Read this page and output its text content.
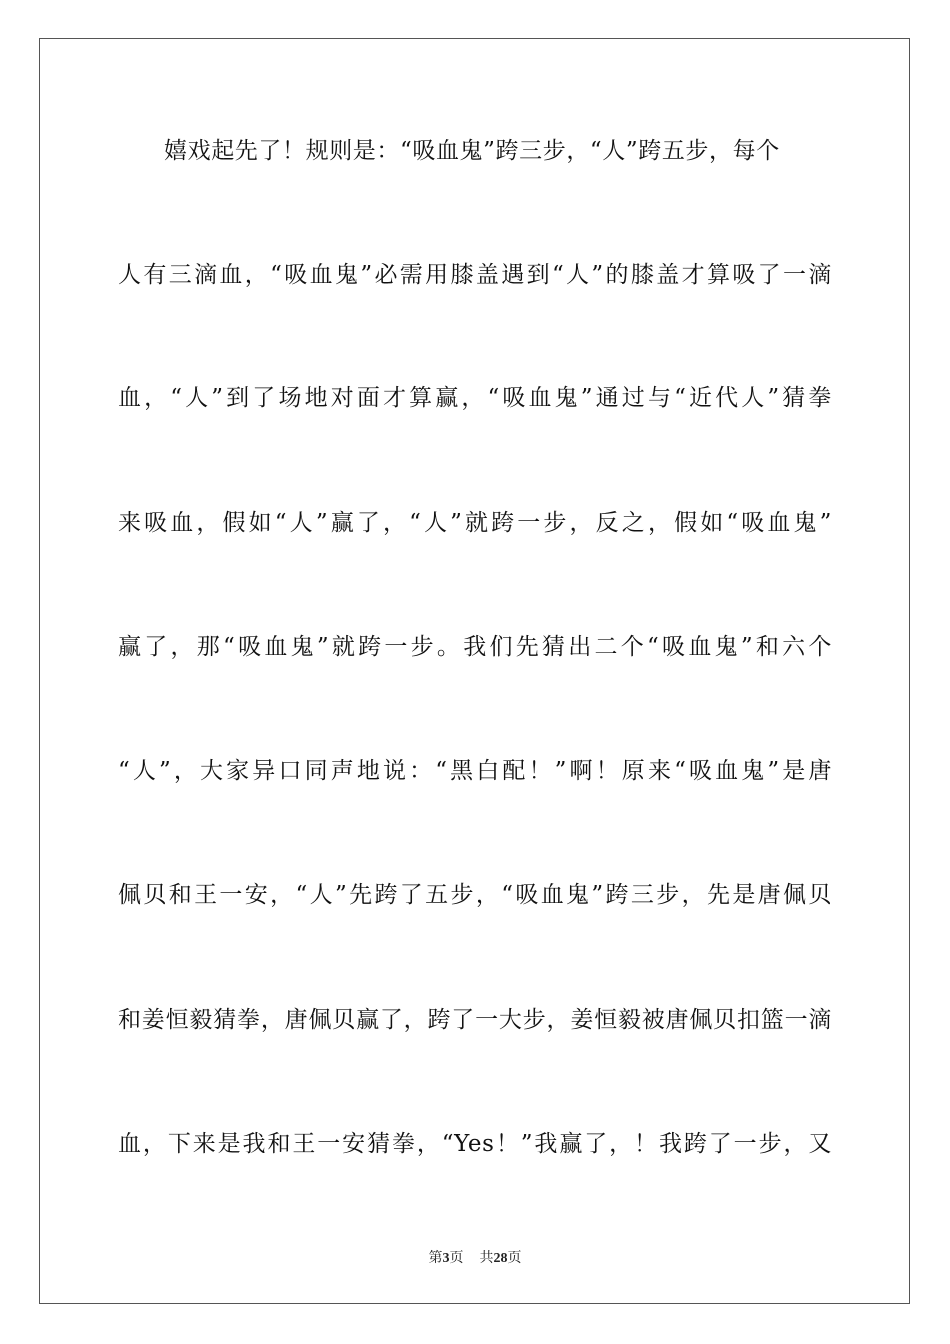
嬉戏起先了！规则是：“吸血鬼”跨三步，“人”跨五步，每个
人有三滴血，“吸血鬼”必需用膝盖遇到“人”的膝盖才算吸了一滴
血，“人”到了场地对面才算赢，“吸血鬼”通过与“近代人”猜拳
来吸血，假如“人”赢了，“人”就跨一步，反之，假如“吸血鬼”
赢了，那“吸血鬼”就跨一步。我们先猜出二个“吸血鬼”和六个
“人”，大家异口同声地说：“黑白配！”啊！原来“吸血鬼”是唐
佩贝和王一安，“人”先跨了五步，“吸血鬼”跨三步，先是唐佩贝
和姜恒毅猜拳，唐佩贝赢了，跨了一大步，姜恒毅被唐佩贝扣篮一滴
血，下来是我和王一安猜拳，“Yes！”我赢了，！我跨了一步，又
第3页 共28页
